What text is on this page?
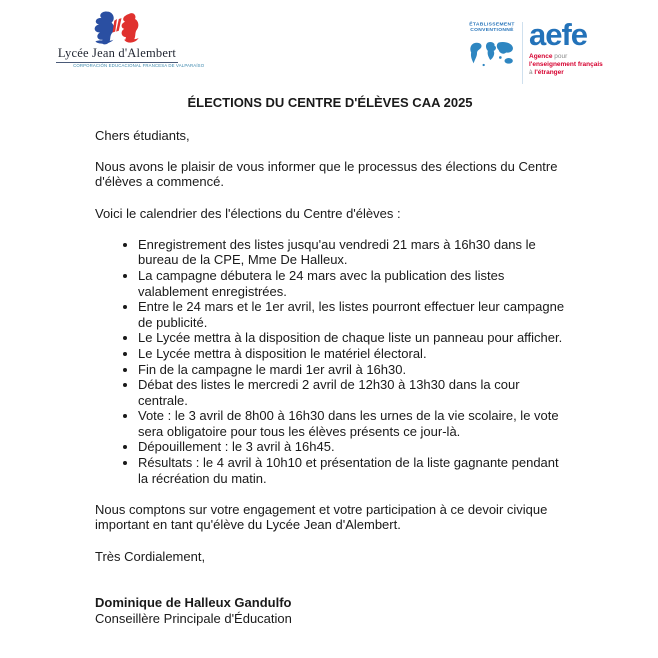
Lycée Jean d'Alembert
CORPORACIÓN EDUCACIONAL FRANCESA DE VALPARAÍSO
ÉTABLISSEMENT
CONVENTIONNÉ aefe
Agence pour
l'enseignement français
à l'étranger

ÉLECTIONS DU CENTRE D'ÉLÈVES CAA 2025

Chers étudiants,

Nous avons le plaisir de vous informer que le processus des élections du Centre d'élèves a commencé.

Voici le calendrier des l'élections du Centre d'élèves :

• Enregistrement des listes jusqu'au vendredi 21 mars à 16h30 dans le bureau de la CPE, Mme De Halleux.
• La campagne débutera le 24 mars avec la publication des listes valablement enregistrées.
• Entre le 24 mars et le 1er avril, les listes pourront effectuer leur campagne de publicité.
• Le Lycée mettra à la disposition de chaque liste un panneau pour afficher.
• Le Lycée mettra à disposition le matériel électoral.
• Fin de la campagne le mardi 1er avril à 16h30.
• Débat des listes le mercredi 2 avril de 12h30 à 13h30 dans la cour centrale.
• Vote : le 3 avril de 8h00 à 16h30 dans les urnes de la vie scolaire, le vote sera obligatoire pour tous les élèves présents ce jour-là.
• Dépouillement : le 3 avril à 16h45.
• Résultats : le 4 avril à 10h10 et présentation de la liste gagnante pendant la récréation du matin.

Nous comptons sur votre engagement et votre participation à ce devoir civique important en tant qu'élève du Lycée Jean d'Alembert.

Très Cordialement,

Dominique de Halleux Gandulfo
Conseillère Principale d'Éducation
